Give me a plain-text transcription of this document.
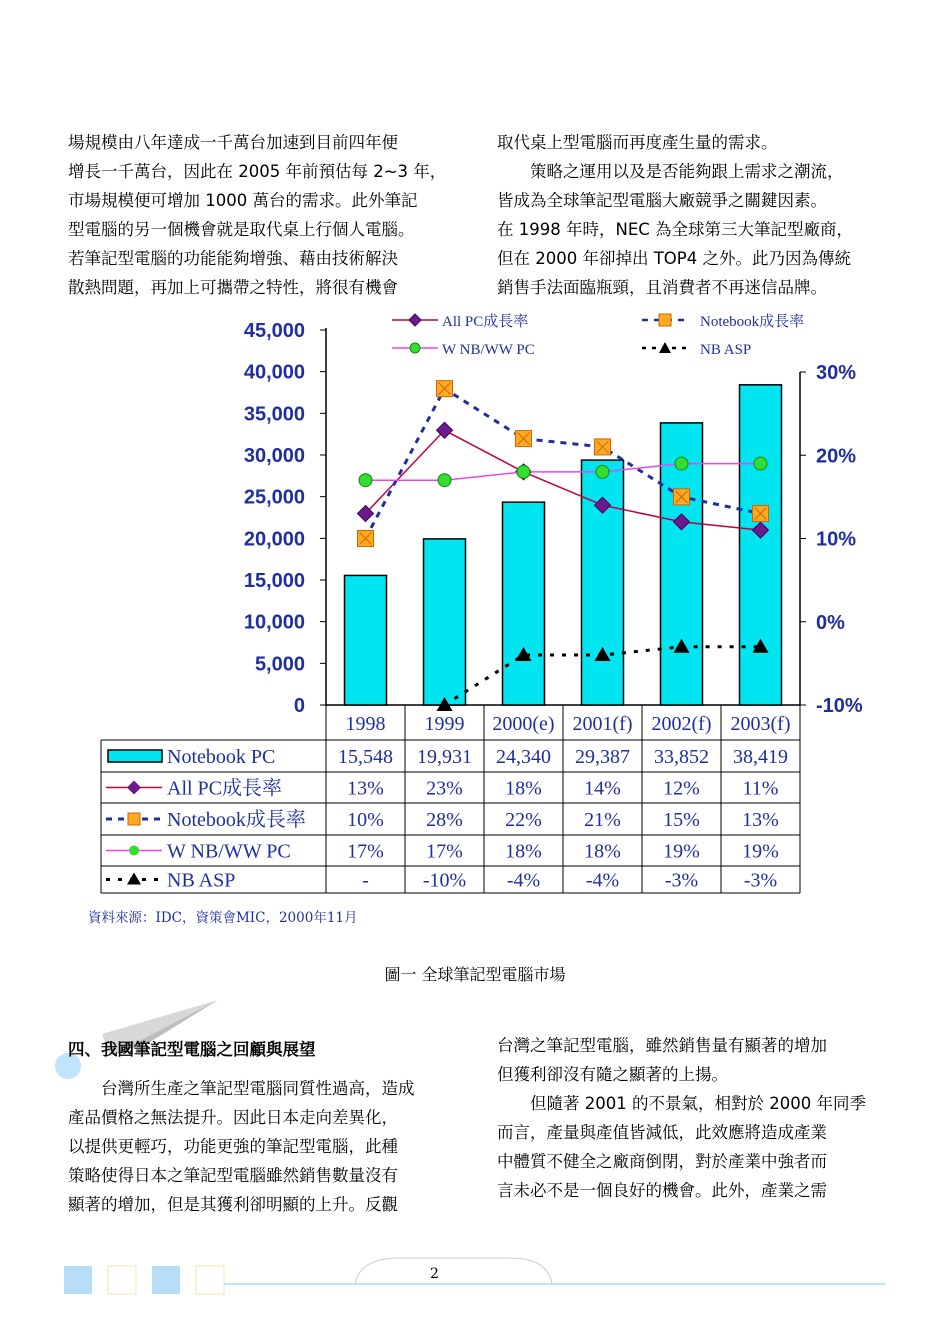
場規模由八年達成一千萬台加速到目前四年便

增長一千萬台，因此在 2005 年前預估每 2~3 年，

市場規模便可增加 1000 萬台的需求。此外筆記

型電腦的另一個機會就是取代桌上行個人電腦。

若筆記型電腦的功能能夠增強、藉由技術解決

散熱問題，再加上可攜帶之特性，將很有機會

取代桌上型電腦而再度產生量的需求。

策略之運用以及是否能夠跟上需求之潮流，

皆成為全球筆記型電腦大廠競爭之關鍵因素。

在 1998 年時，NEC 為全球第三大筆記型廠商，

但在 2000 年卻掉出 TOP4 之外。此乃因為傳統

銷售手法面臨瓶頸，且消費者不再迷信品牌。

All PC成長率
W NB/WW PC
Notebook成長率
NB ASP
45,000
40,000
35,000
30,000
25,000
20,000
15,000
10,000
5,000
0
30%
20%
10%
0%
-10%
1998 1999 2000(e) 2001(f) 2002(f) 2003(f)
Notebook PC	15,548 19,931 24,340 29,387 33,852 38,419
All PC成長率	13% 23% 18% 14% 12% 11%
Notebook成長率 10% 28% 22% 21% 15% 13%
W NB/WW PC	17% 17% 18% 18% 19% 19%
NB ASP	-	-10% -4% -4% -3% -3%
資料來源：IDC，資策會MIC，2000年11月
圖一 全球筆記型電腦市場
四、我國筆記型電腦之回顧與展望

台灣所生產之筆記型電腦同質性過高，造成

產品價格之無法提升。因此日本走向差異化，

以提供更輕巧，功能更強的筆記型電腦，此種

策略使得日本之筆記型電腦雖然銷售數量沒有

顯著的增加，但是其獲利卻明顯的上升。反觀

台灣之筆記型電腦，雖然銷售量有顯著的增加

但獲利卻沒有隨之顯著的上揚。

但隨著 2001 的不景氣，相對於 2000 年同季

而言，產量與產值皆減低，此效應將造成產業

中體質不健全之廠商倒閉，對於產業中強者而

言未必不是一個良好的機會。此外，產業之需

2
